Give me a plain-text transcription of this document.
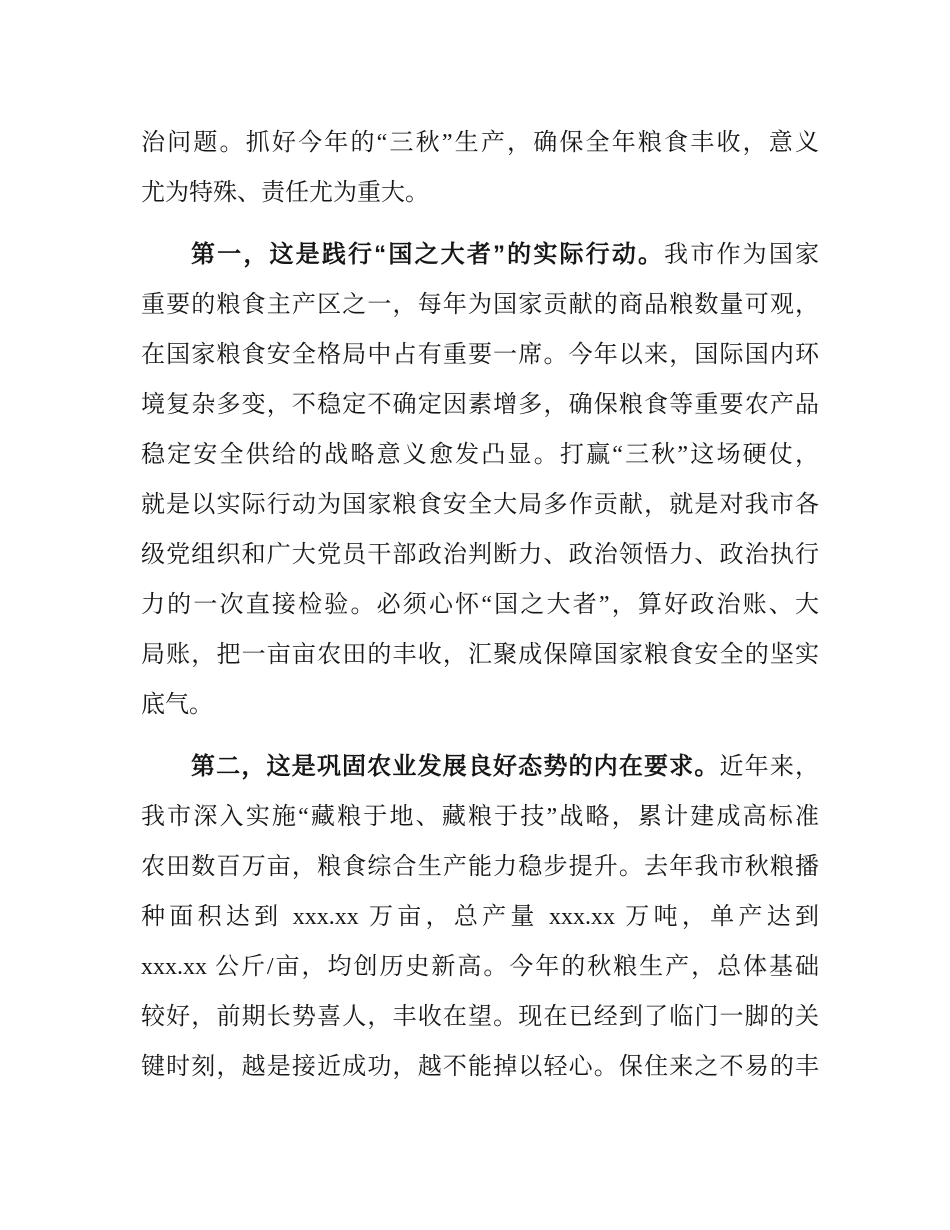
治问题。抓好今年的“三秋”生产，确保全年粮食丰收，意义
尤为特殊、责任尤为重大。
第一，这是践行“国之大者”的实际行动。我市作为国家
重要的粮食主产区之一，每年为国家贡献的商品粮数量可观，
在国家粮食安全格局中占有重要一席。今年以来，国际国内环
境复杂多变，不稳定不确定因素增多，确保粮食等重要农产品
稳定安全供给的战略意义愈发凸显。打赢“三秋”这场硬仗，
就是以实际行动为国家粮食安全大局多作贡献，就是对我市各
级党组织和广大党员干部政治判断力、政治领悟力、政治执行
力的一次直接检验。必须心怀“国之大者”，算好政治账、大
局账，把一亩亩农田的丰收，汇聚成保障国家粮食安全的坚实
底气。
第二，这是巩固农业发展良好态势的内在要求。近年来，
我市深入实施“藏粮于地、藏粮于技”战略，累计建成高标准
农田数百万亩，粮食综合生产能力稳步提升。去年我市秋粮播
种面积达到 xxx.xx 万亩，总产量 xxx.xx 万吨，单产达到
xxx.xx 公斤/亩，均创历史新高。今年的秋粮生产，总体基础
较好，前期长势喜人，丰收在望。现在已经到了临门一脚的关
键时刻，越是接近成功，越不能掉以轻心。保住来之不易的丰
